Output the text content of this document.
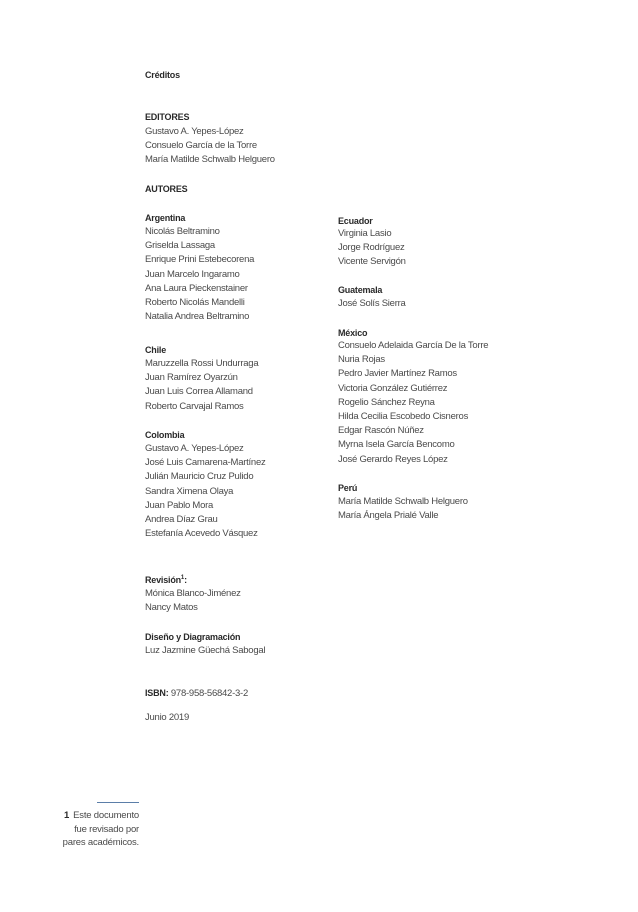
Créditos
EDITORES
Gustavo A. Yepes-López
Consuelo García de la Torre
María Matilde Schwalb Helguero
AUTORES
Argentina
Nicolás Beltramino
Griselda Lassaga
Enrique Prini Estebecorena
Juan Marcelo Ingaramo
Ana Laura Pieckenstainer
Roberto Nicolás Mandelli
Natalia Andrea Beltramino
Chile
Maruzzella Rossi Undurraga
Juan Ramírez Oyarzún
Juan Luis Correa Allamand
Roberto Carvajal Ramos
Colombia
Gustavo A. Yepes-López
José Luis Camarena-Martínez
Julián Mauricio Cruz Pulido
Sandra Ximena Olaya
Juan Pablo Mora
Andrea Díaz Grau
Estefanía Acevedo Vásquez
Ecuador
Virginia Lasio
Jorge Rodríguez
Vicente Servigón
Guatemala
José Solís Sierra
México
Consuelo Adelaida García De la Torre
Nuria Rojas
Pedro Javier Martínez Ramos
Victoria González Gutiérrez
Rogelio Sánchez Reyna
Hilda Cecilia Escobedo Cisneros
Edgar Rascón Núñez
Myrna Isela García Bencomo
José Gerardo Reyes López
Perú
María Matilde Schwalb Helguero
María Ángela Prialé Valle
Revisión$^1$:
Mónica Blanco-Jiménez
Nancy Matos
Diseño y Diagramación
Luz Jazmine Güechá Sabogal
ISBN: 978-958-56842-3-2
Junio 2019
1 Este documento
fue revisado por
pares académicos.
